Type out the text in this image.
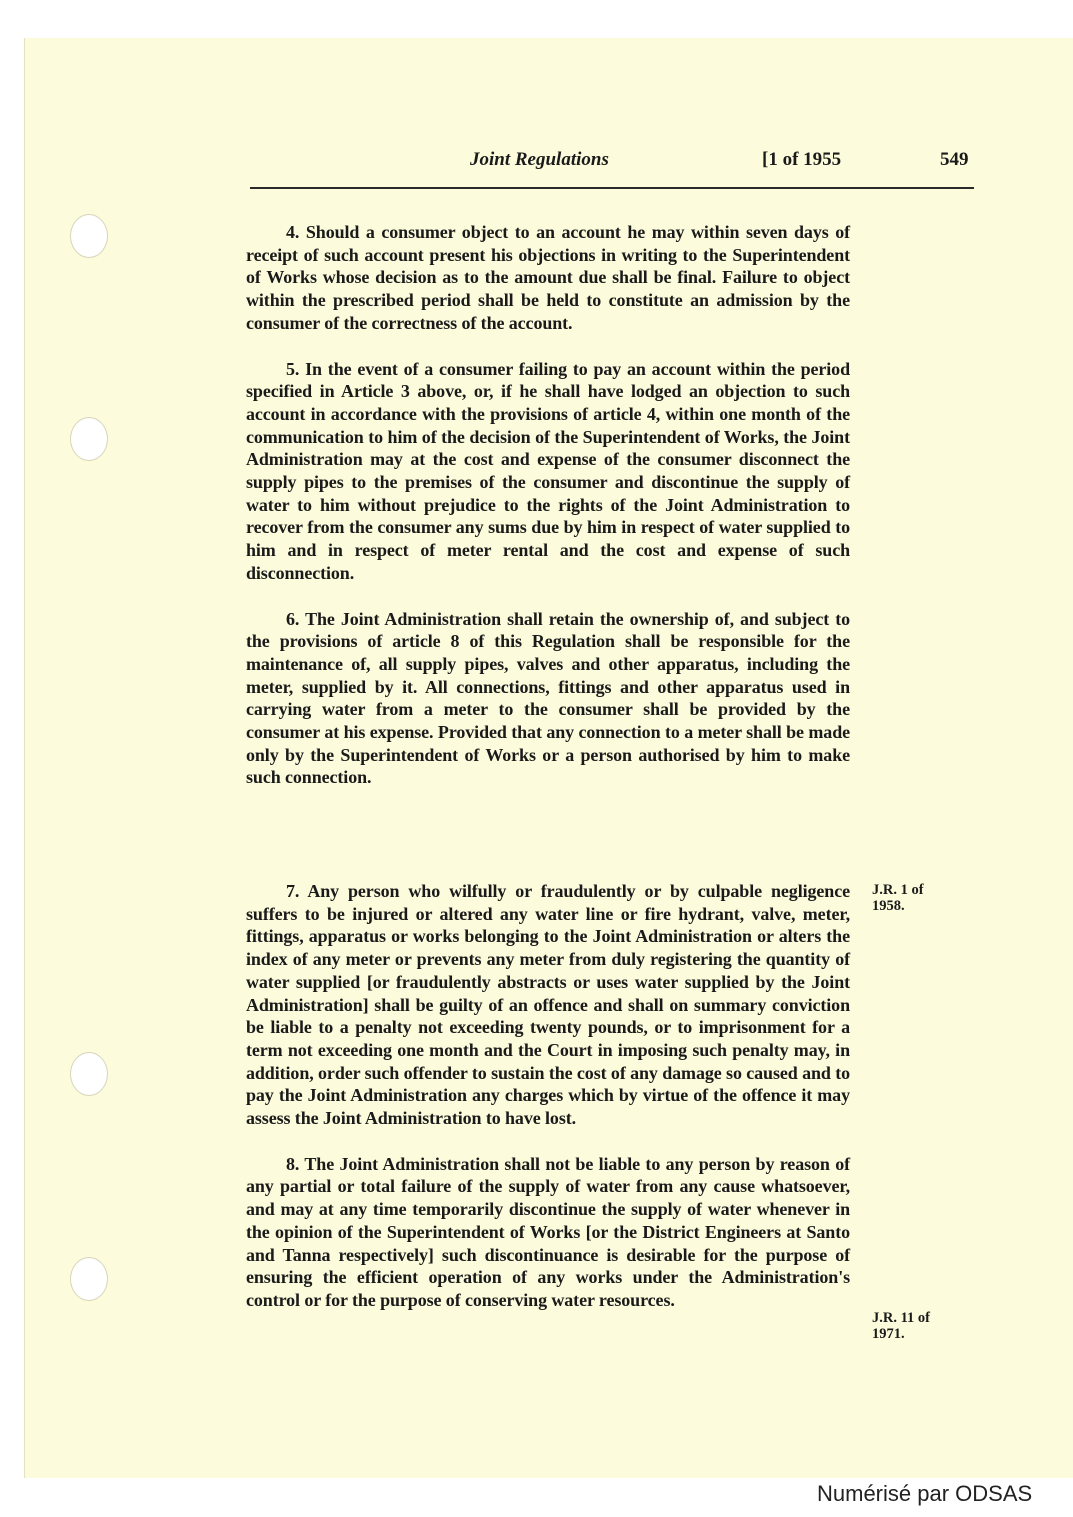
Joint Regulations	[1 of 1955	549

4. Should a consumer object to an account he may within seven days of receipt of such account present his objections in writing to the Superintendent of Works whose decision as to the amount due shall be final. Failure to object within the prescribed period shall be held to constitute an admission by the consumer of the correctness of the account.

5. In the event of a consumer failing to pay an account within the period specified in Article 3 above, or, if he shall have lodged an objection to such account in accordance with the provisions of article 4, within one month of the communication to him of the decision of the Superintendent of Works, the Joint Administration may at the cost and expense of the consumer disconnect the supply pipes to the premises of the consumer and discontinue the supply of water to him without prejudice to the rights of the Joint Administration to recover from the consumer any sums due by him in respect of water supplied to him and in respect of meter rental and the cost and expense of such disconnection.

6. The Joint Administration shall retain the ownership of, and subject to the provisions of article 8 of this Regulation shall be responsible for the maintenance of, all supply pipes, valves and other apparatus, including the meter, supplied by it. All connections, fittings and other apparatus used in carrying water from a meter to the consumer shall be provided by the consumer at his expense. Provided that any connection to a meter shall be made only by the Superintendent of Works or a person authorised by him to make such connection.

7. Any person who wilfully or fraudulently or by culpable negligence suffers to be injured or altered any water line or fire hydrant, valve, meter, fittings, apparatus or works belonging to the Joint Administration or alters the index of any meter or prevents any meter from duly registering the quantity of water supplied [or fraudulently abstracts or uses water supplied by the Joint Administration] shall be guilty of an offence and shall on summary conviction be liable to a penalty not exceeding twenty pounds, or to imprisonment for a term not exceeding one month and the Court in imposing such penalty may, in addition, order such offender to sustain the cost of any damage so caused and to pay the Joint Administration any charges which by virtue of the offence it may assess the Joint Administration to have lost.

8. The Joint Administration shall not be liable to any person by reason of any partial or total failure of the supply of water from any cause whatsoever, and may at any time temporarily discontinue the supply of water whenever in the opinion of the Superintendent of Works [or the District Engineers at Santo and Tanna respectively] such discontinuance is desirable for the purpose of ensuring the efficient operation of any works under the Administration's control or for the purpose of conserving water resources.

J.R. 1 of
1958.
J.R. 11 of
1971.
Numérisé par ODSAS
